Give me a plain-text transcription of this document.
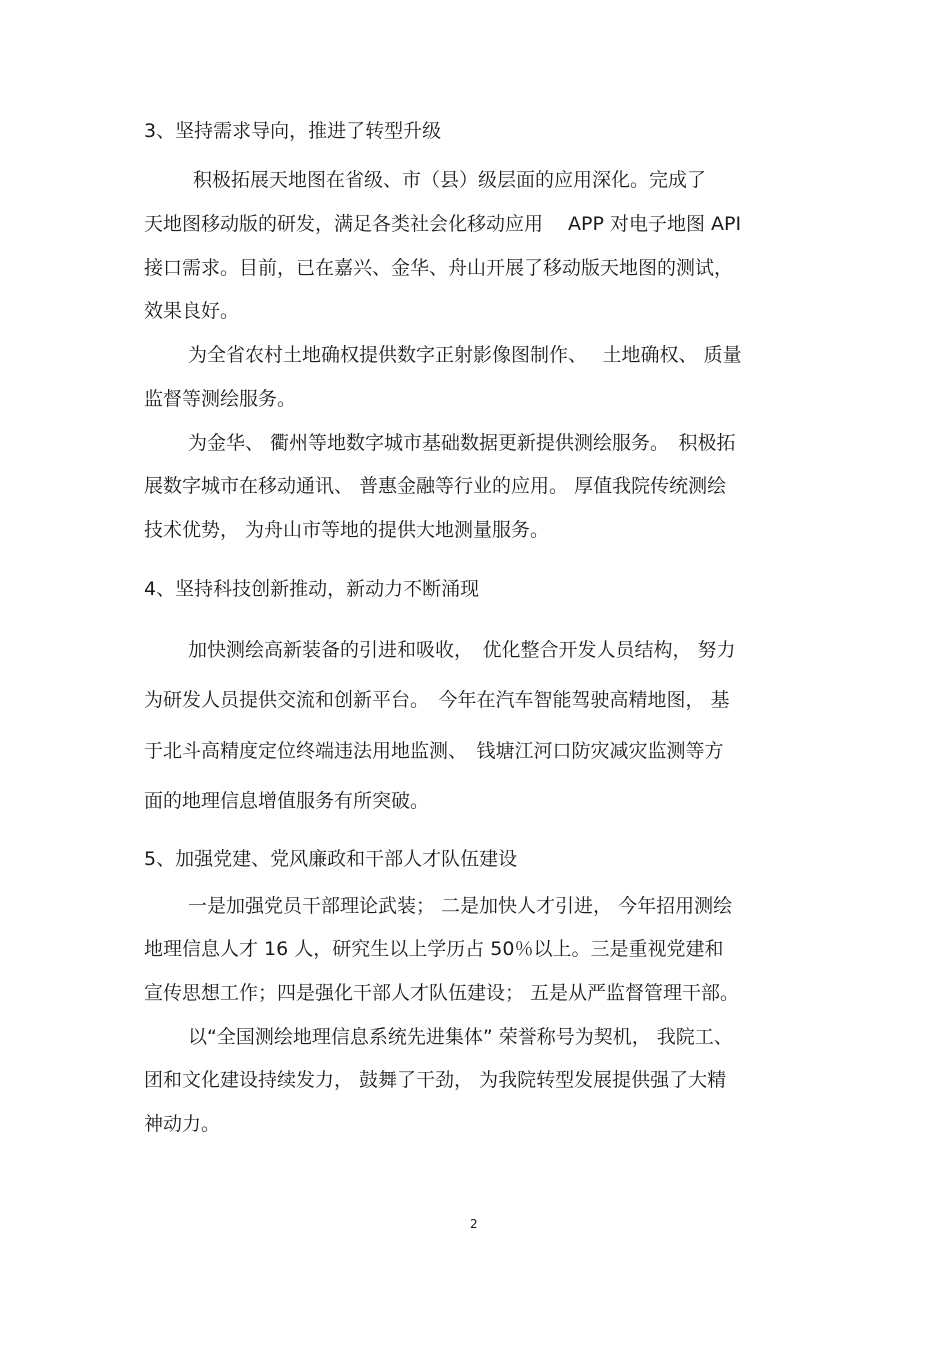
3、坚持需求导向，推进了转型升级
积极拓展天地图在省级、市（县）级层面的应用深化。完成了
天地图移动版的研发，满足各类社会化移动应用　 APP 对电子地图 API
接口需求。目前，已在嘉兴、金华、舟山开展了移动版天地图的测试，
效果良好。
为全省农村土地确权提供数字正射影像图制作、　 土地确权、 质量
监督等测绘服务。
为金华、 衢州等地数字城市基础数据更新提供测绘服务。　积极拓
展数字城市在移动通讯、 普惠金融等行业的应用。 厚值我院传统测绘
技术优势， 为舟山市等地的提供大地测量服务。
4、坚持科技创新推动，新动力不断涌现
加快测绘高新装备的引进和吸收，　优化整合开发人员结构， 努力
为研发人员提供交流和创新平台。　今年在汽车智能驾驶高精地图， 基
于北斗高精度定位终端违法用地监测、　钱塘江河口防灾减灾监测等方
面的地理信息增值服务有所突破。
5、加强党建、党风廉政和干部人才队伍建设
一是加强党员干部理论武装； 二是加快人才引进， 今年招用测绘
地理信息人才 16 人，研究生以上学历占 50％以上。三是重视党建和
宣传思想工作；四是强化干部人才队伍建设； 五是从严监督管理干部。
以“全国测绘地理信息系统先进集体” 荣誉称号为契机， 我院工、
团和文化建设持续发力， 鼓舞了干劲， 为我院转型发展提供强了大精
神动力。
2
